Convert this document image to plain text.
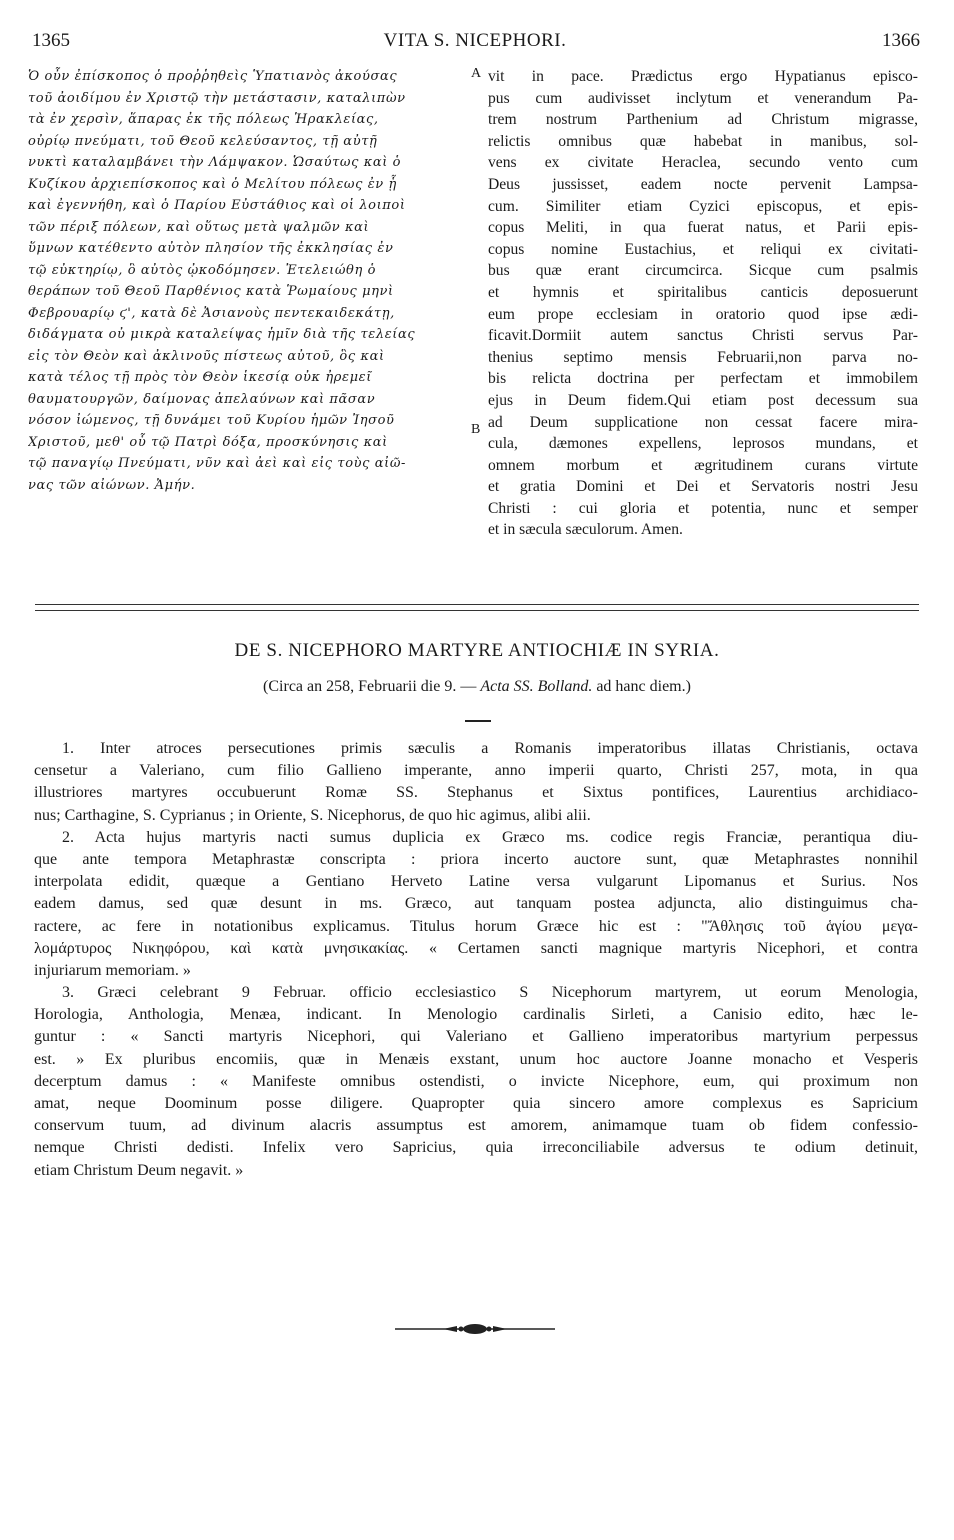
1365	VITA S. NICEPHORI.	1366
Ὁ οὖν ἐπίσκοπος ὁ προῤῥηθεὶς Ὑπατιανὸς ἀκούσας
τοῦ ἀοιδίμου ἐν Χριστῷ τὴν μετάστασιν, καταλιπὼν
τὰ ἐν χερσὶν, ἅπαρας ἐκ τῆς πόλεως Ἡρακλείας,
οὐρίῳ πνεύματι, τοῦ Θεοῦ κελεύσαντος, τῇ αὐτῇ
νυκτὶ καταλαμβάνει τὴν Λάμψακον. Ὡσαύτως καὶ ὁ
Κυζίκου ἀρχιεπίσκοπος καὶ ὁ Μελίτου πόλεως ἐν ᾗ
καὶ ἐγεννήθη, καὶ ὁ Παρίου Εὐστάθιος καὶ οἱ λοιποὶ
τῶν πέριξ πόλεων, καὶ οὕτως μετὰ ψαλμῶν καὶ
ὕμνων κατέθεντο αὐτὸν πλησίον τῆς ἐκκλησίας ἐν
τῷ εὐκτηρίῳ, ὃ αὐτὸς ᾠκοδόμησεν. Ἐτελειώθη ὁ
θεράπων τοῦ Θεοῦ Παρθένιος κατὰ Ῥωμαίους μηνὶ
Φεβρουαρίῳ ϛ', κατὰ δὲ Ἀσιανοὺς πεντεκαιδεκάτῃ,
διδάγματα οὐ μικρὰ καταλείψας ἡμῖν διὰ τῆς τελείας
εἰς τὸν Θεὸν καὶ ἀκλινοῦς πίστεως αὐτοῦ, ὃς καὶ
κατὰ τέλος τῇ πρὸς τὸν Θεὸν ἱκεσίᾳ οὐκ ἠρεμεῖ
θαυματουργῶν, δαίμονας ἀπελαύνων καὶ πᾶσαν
νόσον ἰώμενος, τῇ δυνάμει τοῦ Κυρίου ἡμῶν Ἰησοῦ
Χριστοῦ, μεθ' οὗ τῷ Πατρὶ δόξα, προσκύνησις καὶ
τῷ παναγίῳ Πνεύματι, νῦν καὶ ἀεὶ καὶ εἰς τοὺς αἰῶ-
νας τῶν αἰώνων. Ἀμήν.
A
B
vit in pace. Prædictus ergo Hypatianus episco-
pus cum audivisset inclytum et venerandum Pa-
trem nostrum Parthenium ad Christum migrasse,
relictis omnibus quæ habebat in manibus, sol-
vens ex civitate Heraclea, secundo vento cum
Deus jussisset, eadem nocte pervenit Lampsa-
cum. Similiter etiam Cyzici episcopus, et epis-
copus Meliti, in qua fuerat natus, et Parii epis-
copus nomine Eustachius, et reliqui ex civitati-
bus quæ erant circumcirca. Sicque cum psalmis
et hymnis et spiritalibus canticis deposuerunt
eum prope ecclesiam in oratorio quod ipse ædi-
ficavit.Dormiit autem sanctus Christi servus Par-
thenius septimo mensis Februarii,non parva no-
bis relicta doctrina per perfectam et immobilem
ejus in Deum fidem.Qui etiam post decessum sua
ad Deum supplicatione non cessat facere mira-
cula, dæmones expellens, leprosos mundans, et
omnem morbum et ægritudinem curans virtute
et gratia Domini et Dei et Servatoris nostri Jesu
Christi : cui gloria et potentia, nunc et semper
et in sæcula sæculorum. Amen.
DE S. NICEPHORO MARTYRE ANTIOCHIÆ IN SYRIA.
(Circa an 258, Februarii die 9. — Acta SS. Bolland. ad hanc diem.)
1. Inter atroces persecutiones primis sæculis a Romanis imperatoribus illatas Christianis, octava
censetur a Valeriano, cum filio Gallieno imperante, anno imperii quarto, Christi 257, mota, in qua
illustriores martyres occubuerunt Romæ SS. Stephanus et Sixtus pontifices, Laurentius archidiaco-
nus; Carthagine, S. Cyprianus ; in Oriente, S. Nicephorus, de quo hic agimus, alibi alii.
2. Acta hujus martyris nacti sumus duplicia ex Græco ms. codice regis Franciæ, perantiqua diu-
que ante tempora Metaphrastæ conscripta : priora incerto auctore sunt, quæ Metaphrastes nonnihil
interpolata edidit, quæque a Gentiano Herveto Latine versa vulgarunt Lipomanus et Surius. Nos
eadem damus, sed quæ desunt in ms. Græco, aut tanquam postea adjuncta, alio distinguimus cha-
ractere, ac fere in notationibus explicamus. Titulus horum Græce hic est : "Ἄθλησις τοῦ ἁγίου μεγα-
λομάρτυρος Νικηφόρου, καὶ κατὰ μνησικακίας. « Certamen sancti magnique martyris Nicephori, et contra
injuriarum memoriam. »
3. Græci celebrant 9 Februar. officio ecclesiastico S Nicephorum martyrem, ut eorum Menologia,
Horologia, Anthologia, Menæa, indicant. In Menologio cardinalis Sirleti, a Canisio edito, hæc le-
guntur : « Sancti martyris Nicephori, qui Valeriano et Gallieno imperatoribus martyrium perpessus
est. » Ex pluribus encomiis, quæ in Menæis exstant, unum hoc auctore Joanne monacho et Vesperis
decerptum damus : « Manifeste omnibus ostendisti, o invicte Nicephore, eum, qui proximum non
amat, neque Doominum posse diligere. Quapropter quia sincero amore complexus es Sapricium
conservum tuum, ad divinum alacris assumptus est amorem, animamque tuam ob fidem confessio-
nemque Christi dedisti. Infelix vero Sapricius, quia irreconciliabile adversus te odium detinuit,
etiam Christum Deum negavit. »
